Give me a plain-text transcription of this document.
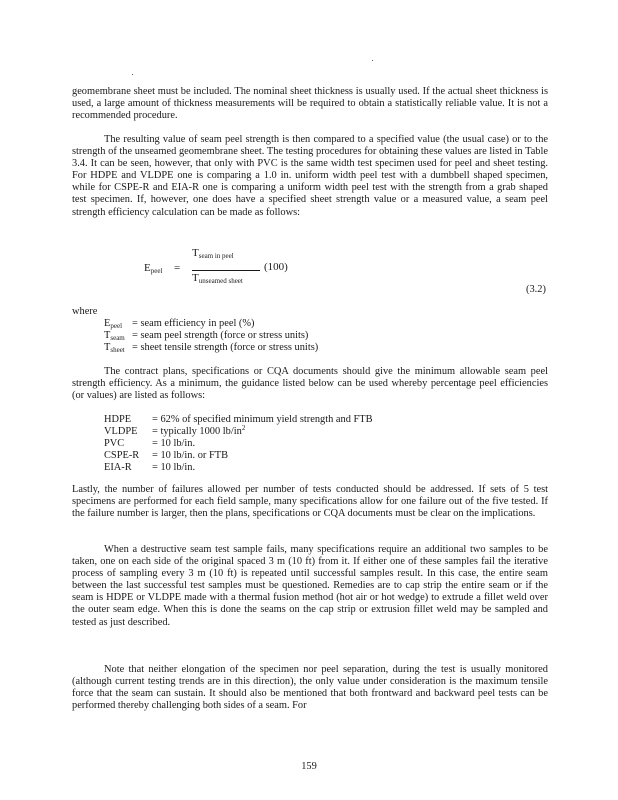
geomembrane sheet must be included. The nominal sheet thickness is usually used. If the actual sheet thickness is used, a large amount of thickness measurements will be required to obtain a statistically reliable value. It is not a recommended procedure.

The resulting value of seam peel strength is then compared to a specified value (the usual case) or to the strength of the unseamed geomembrane sheet. The testing procedures for obtaining these values are listed in Table 3.4. It can be seen, however, that only with PVC is the same width test specimen used for peel and sheet testing. For HDPE and VLDPE one is comparing a 1.0 in. uniform width peel test with a dumbbell shaped specimen, while for CSPE-R and EIA-R one is comparing a uniform width peel test with the strength from a grab shaped test specimen. If, however, one does have a specified sheet strength value or a measured value, a seam peel strength efficiency calculation can be made as follows:

Epeel =
Tseam in peel
Tunseamed sheet
(100)
(3.2)

where

Epeel = seam efficiency in peel (%)
Tseam = seam peel strength (force or stress units)
Tsheet = sheet tensile strength (force or stress units)

The contract plans, specifications or CQA documents should give the minimum allowable seam peel strength efficiency. As a minimum, the guidance listed below can be used whereby percentage peel efficiencies (or values) are listed as follows:

HDPE	= 62% of specified minimum yield strength and FTB
VLDPE	= typically 1000 lb/in 2
PVC	= 10 lb/in.
CSPE-R	= 10 lb/in. or FTB
EIA-R	= 10 lb/in.

Lastly, the number of failures allowed per number of tests conducted should be addressed. If sets of 5 test specimens are performed for each field sample, many specifications allow for one failure out of the five tested. If the failure number is larger, then the plans, specifications or CQA documents must be clear on the implications.

When a destructive seam test sample fails, many specifications require an additional two samples to be taken, one on each side of the original spaced 3 m (10 ft) from it. If either one of these samples fail the iterative process of sampling every 3 m (10 ft) is repeated until successful samples result. In this case, the entire seam between the last successful test samples must be questioned. Remedies are to cap strip the entire seam or if the seam is HDPE or VLDPE made with a thermal fusion method (hot air or hot wedge) to extrude a fillet weld over the outer seam edge. When this is done the seams on the cap strip or extrusion fillet weld may be sampled and tested as just described.

Note that neither elongation of the specimen nor peel separation, during the test is usually monitored (although current testing trends are in this direction), the only value under consideration is the maximum tensile force that the seam can sustain. It should also be mentioned that both frontward and backward peel tests can be performed thereby challenging both sides of a seam. For

159
